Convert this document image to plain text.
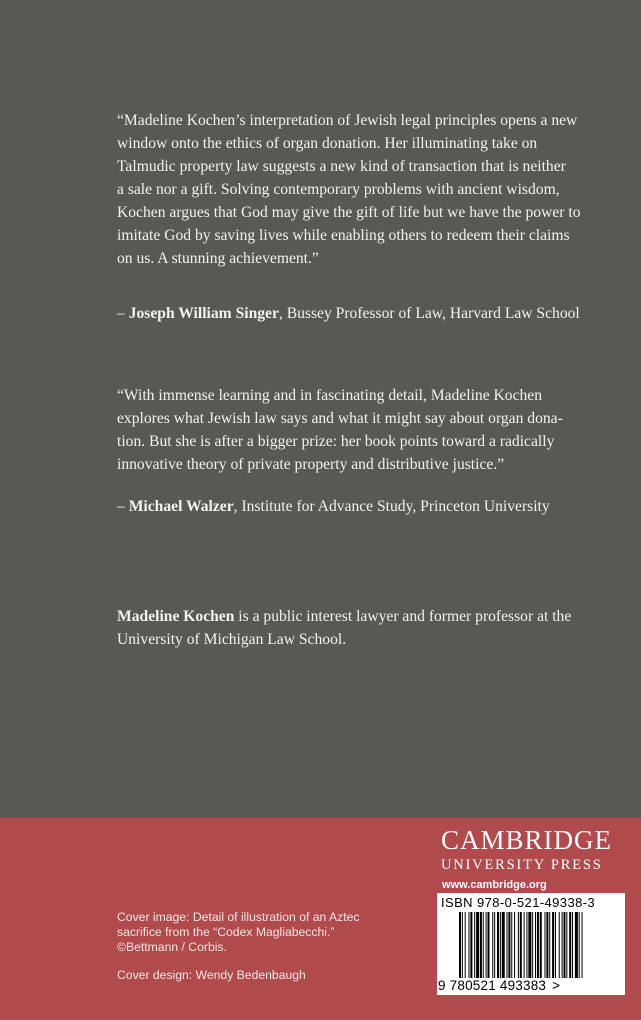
“Madeline Kochen’s interpretation of Jewish legal principles opens a new
window onto the ethics of organ donation. Her illuminating take on
Talmudic property law suggests a new kind of transaction that is neither
a sale nor a gift. Solving contemporary problems with ancient wisdom,
Kochen argues that God may give the gift of life but we have the power to
imitate God by saving lives while enabling others to redeem their claims
on us. A stunning achievement.”
– Joseph William Singer, Bussey Professor of Law, Harvard Law School
“With immense learning and in fascinating detail, Madeline Kochen
explores what Jewish law says and what it might say about organ dona-
tion. But she is after a bigger prize: her book points toward a radically
innovative theory of private property and distributive justice.”
– Michael Walzer, Institute for Advance Study, Princeton University
Madeline Kochen is a public interest lawyer and former professor at the
University of Michigan Law School.
CAMBRIDGE
UNIVERSITY PRESS
www.cambridge.org
Cover image: Detail of illustration of an Aztec
sacrifice from the “Codex Magliabecchi.”
©Bettmann / Corbis.
Cover design: Wendy Bedenbaugh
ISBN 978-0-521-49338-3
9 780521 493383 >
